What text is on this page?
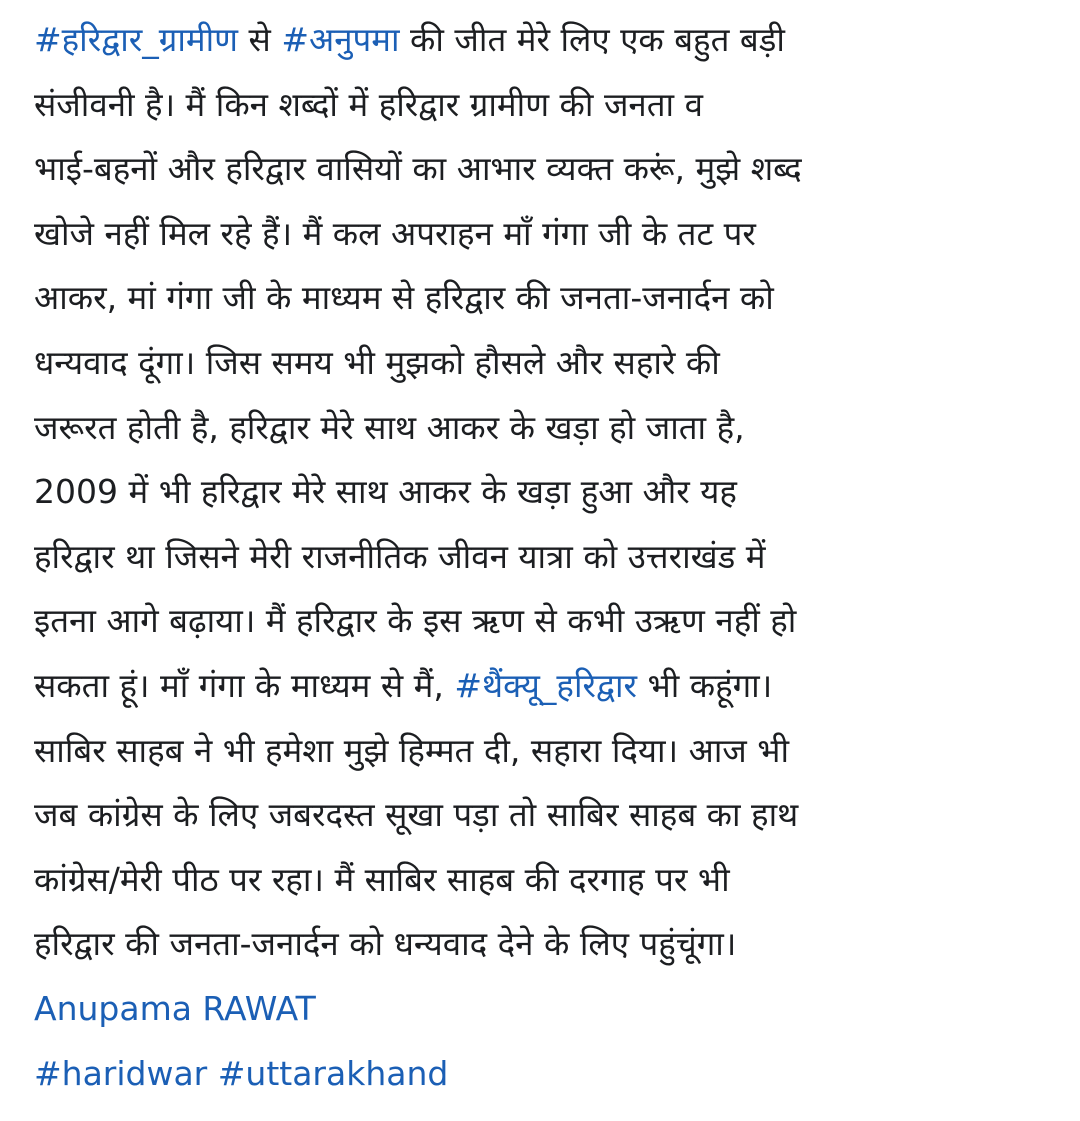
#हरिद्वार_ग्रामीण से #अनुपमा की जीत मेरे लिए एक बहुत बड़ी
संजीवनी है। मैं किन शब्दों में हरिद्वार ग्रामीण की जनता व
भाई-बहनों और हरिद्वार वासियों का आभार व्यक्त करूं, मुझे शब्द
खोजे नहीं मिल रहे हैं। मैं कल अपराहन माँ गंगा जी के तट पर
आकर, मां गंगा जी के माध्यम से हरिद्वार की जनता-जनार्दन को
धन्यवाद दूंगा। जिस समय भी मुझको हौसले और सहारे की
जरूरत होती है, हरिद्वार मेरे साथ आकर के खड़ा हो जाता है,
2009 में भी हरिद्वार मेरे साथ आकर के खड़ा हुआ और यह
हरिद्वार था जिसने मेरी राजनीतिक जीवन यात्रा को उत्तराखंड में
इतना आगे बढ़ाया। मैं हरिद्वार के इस ऋण से कभी उऋण नहीं हो
सकता हूं। माँ गंगा के माध्यम से मैं, #थैंक्यू_हरिद्वार भी कहूंगा।
साबिर साहब ने भी हमेशा मुझे हिम्मत दी, सहारा दिया। आज भी
जब कांग्रेस के लिए जबरदस्त सूखा पड़ा तो साबिर साहब का हाथ
कांग्रेस/मेरी पीठ पर रहा। मैं साबिर साहब की दरगाह पर भी
हरिद्वार की जनता-जनार्दन को धन्यवाद देने के लिए पहुंचूंगा।
Anupama RAWAT
#haridwar #uttarakhand
